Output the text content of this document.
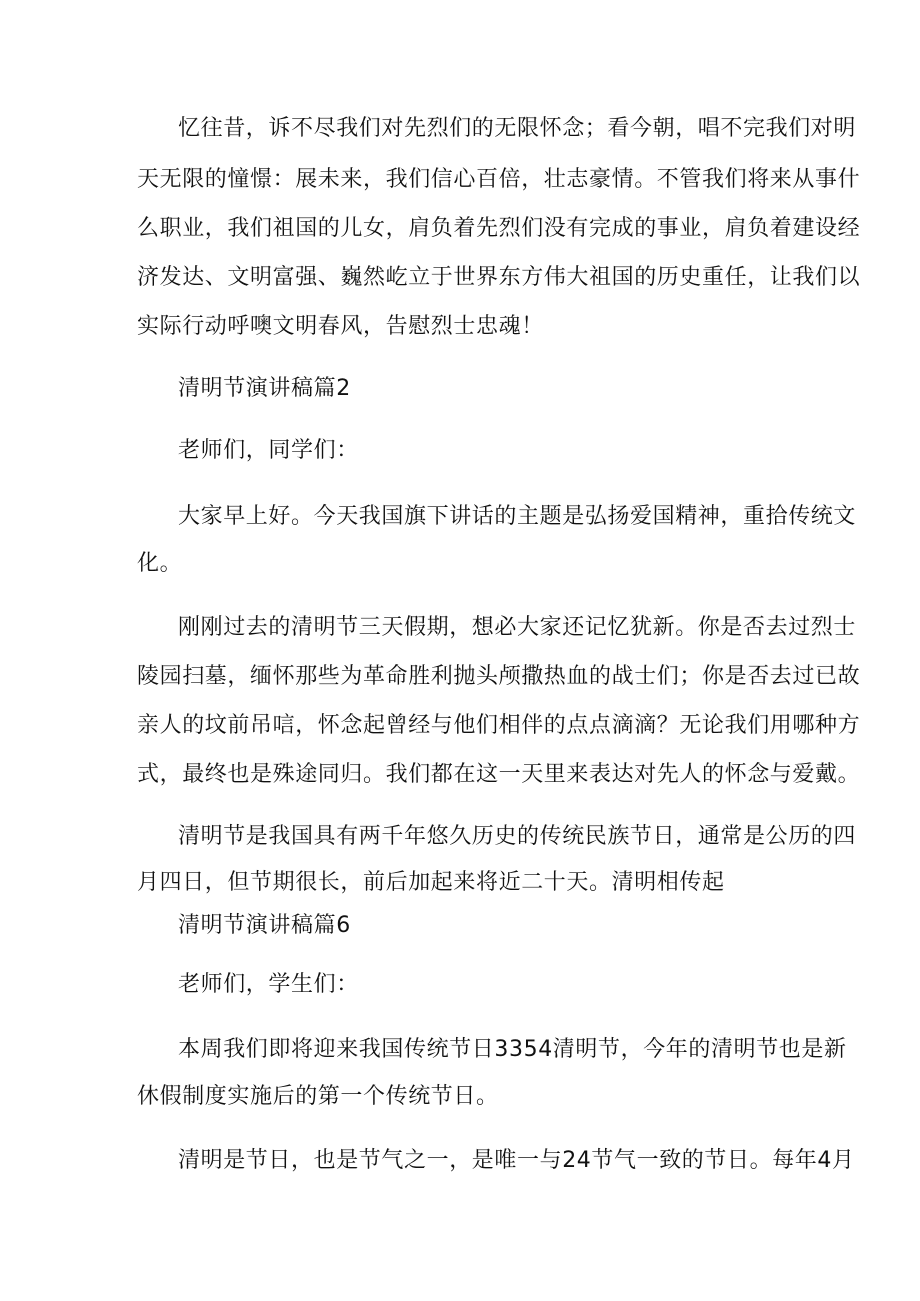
忆往昔，诉不尽我们对先烈们的无限怀念；看今朝，唱不完我们对明

天无限的憧憬：展未来，我们信心百倍，壮志豪情。不管我们将来从事什

么职业，我们祖国的儿女，肩负着先烈们没有完成的事业，肩负着建设经

济发达、文明富强、巍然屹立于世界东方伟大祖国的历史重任，让我们以

实际行动呼噢文明春风，告慰烈士忠魂！

清明节演讲稿篇2

老师们，同学们：

大家早上好。今天我国旗下讲话的主题是弘扬爱国精神，重拾传统文

化。

刚刚过去的清明节三天假期，想必大家还记忆犹新。你是否去过烈士

陵园扫墓，缅怀那些为革命胜利抛头颅撒热血的战士们；你是否去过已故

亲人的坟前吊唁，怀念起曾经与他们相伴的点点滴滴？无论我们用哪种方

式，最终也是殊途同归。我们都在这一天里来表达对先人的怀念与爱戴。

清明节是我国具有两千年悠久历史的传统民族节日，通常是公历的四

月四日，但节期很长，前后加起来将近二十天。清明相传起

清明节演讲稿篇6

老师们，学生们：

本周我们即将迎来我国传统节日3354清明节，今年的清明节也是新

休假制度实施后的第一个传统节日。

清明是节日，也是节气之一，是唯一与24节气一致的节日。每年4月
